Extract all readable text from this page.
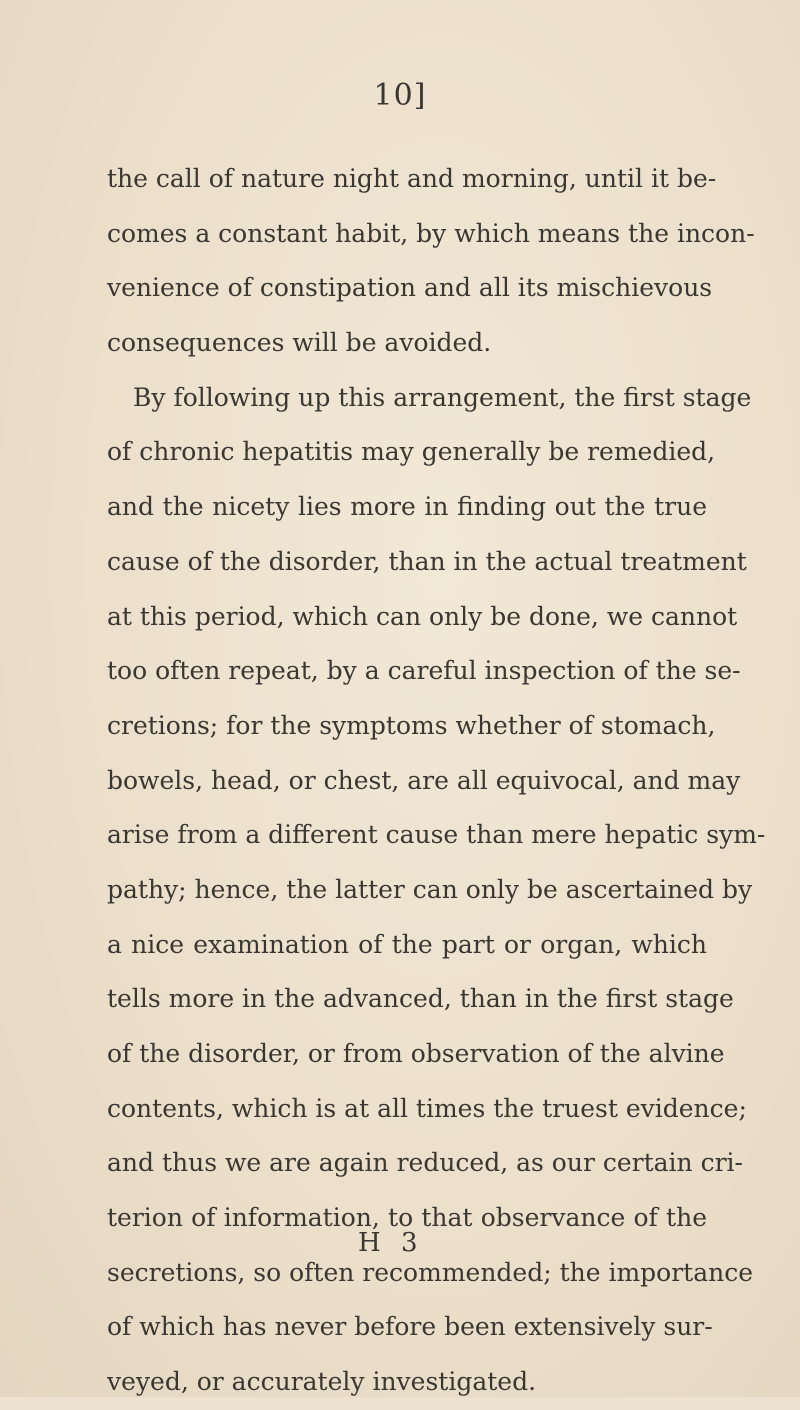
10]
the call of nature night and morning, until it be-
comes a constant habit, by which means the incon-
venience of constipation and all its mischievous
consequences will be avoided.
By following up this arrangement, the first stage
of chronic hepatitis may generally be remedied,
and the nicety lies more in finding out the true
cause of the disorder, than in the actual treatment
at this period, which can only be done, we cannot
too often repeat, by a careful inspection of the se-
cretions; for the symptoms whether of stomach,
bowels, head, or chest, are all equivocal, and may
arise from a different cause than mere hepatic sym-
pathy; hence, the latter can only be ascertained by
a nice examination of the part or organ, which
tells more in the advanced, than in the first stage
of the disorder, or from observation of the alvine
contents, which is at all times the truest evidence;
and thus we are again reduced, as our certain cri-
terion of information, to that observance of the
secretions, so often recommended; the importance
of which has never before been extensively sur-
veyed, or accurately investigated.
H 3
